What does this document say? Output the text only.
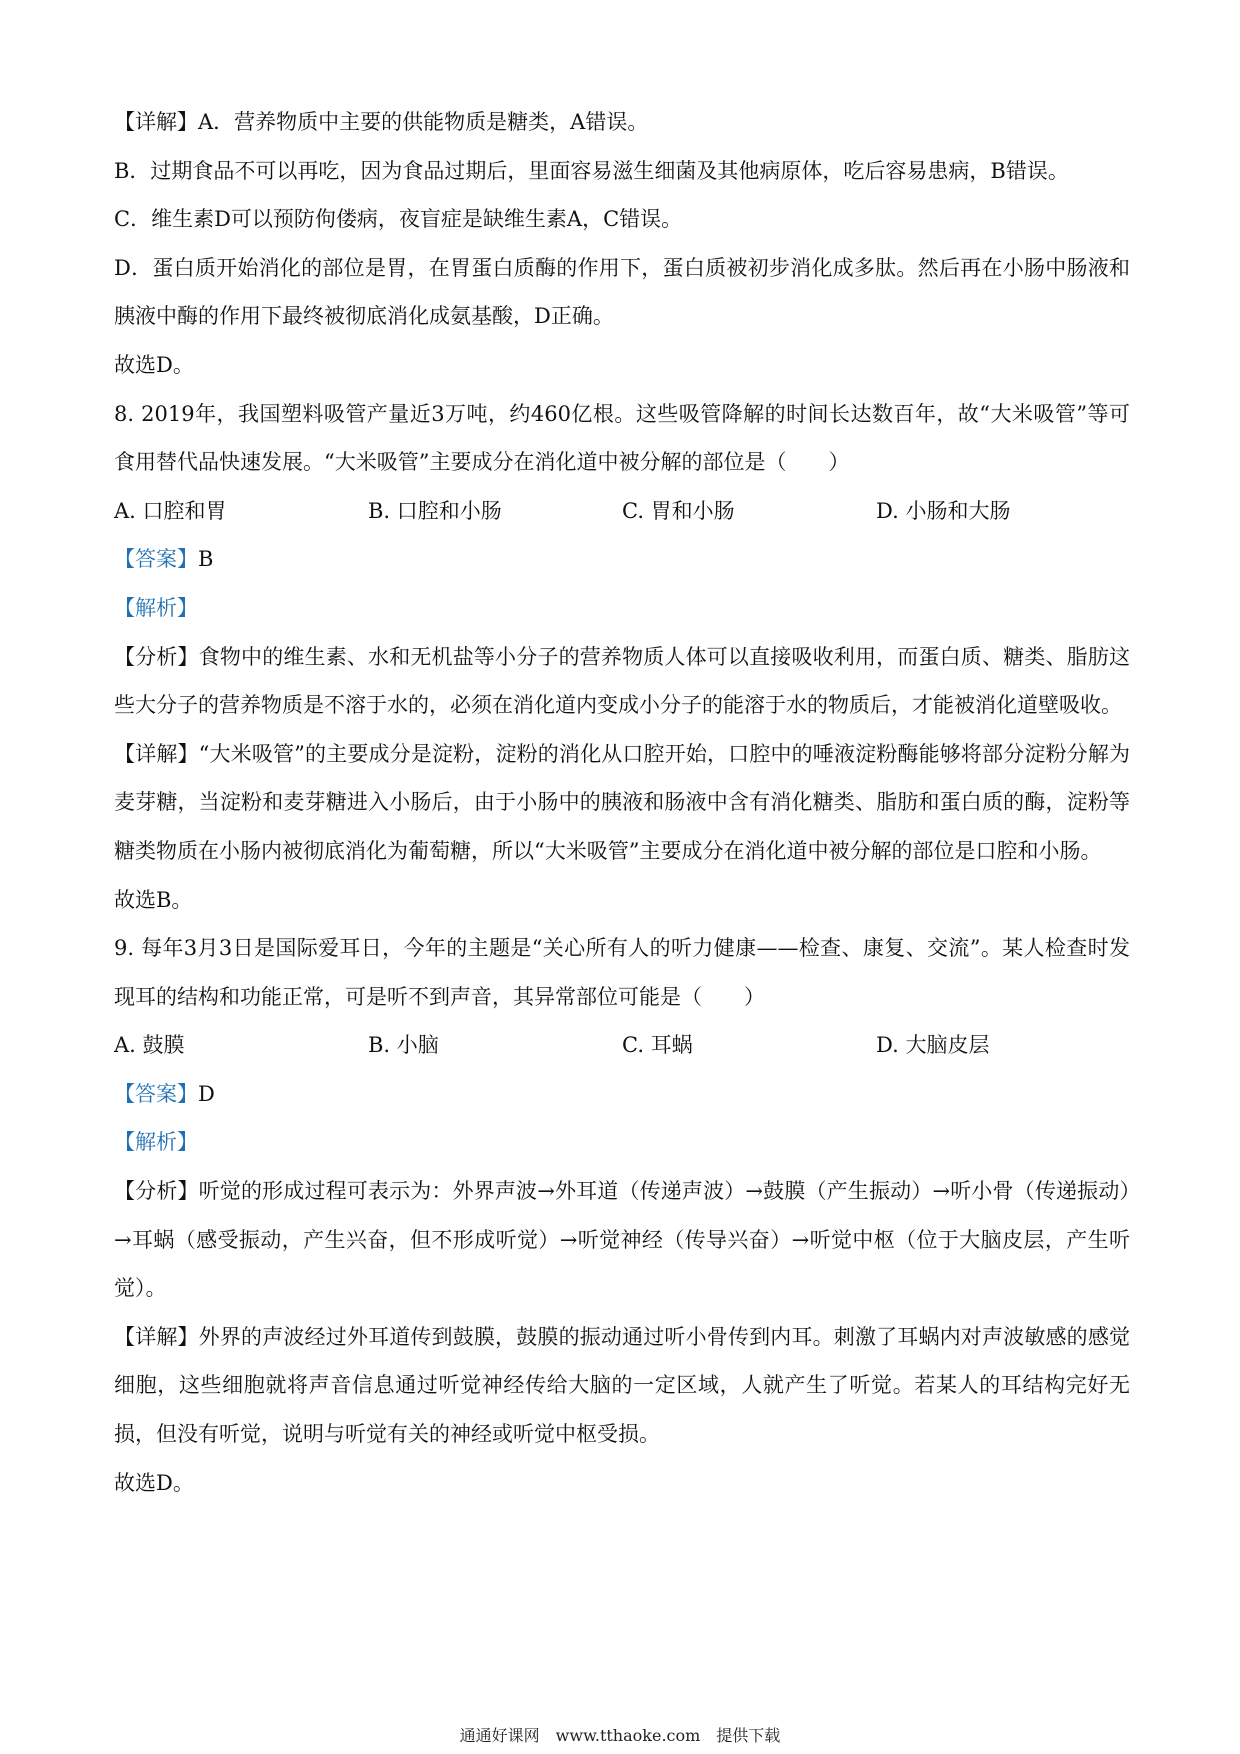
【详解】A．营养物质中主要的供能物质是糖类，A错误。
B．过期食品不可以再吃，因为食品过期后，里面容易滋生细菌及其他病原体，吃后容易患病，B错误。
C．维生素D可以预防佝偻病，夜盲症是缺维生素A，C错误。
D．蛋白质开始消化的部位是胃，在胃蛋白质酶的作用下，蛋白质被初步消化成多肽。然后再在小肠中肠液和胰液中酶的作用下最终被彻底消化成氨基酸，D正确。
故选D。
8. 2019年，我国塑料吸管产量近3万吨，约460亿根。这些吸管降解的时间长达数百年，故“大米吸管”等可食用替代品快速发展。“大米吸管”主要成分在消化道中被分解的部位是（　　）
A. 口腔和胃	B. 口腔和小肠	C. 胃和小肠	D. 小肠和大肠
【答案】B
【解析】
【分析】食物中的维生素、水和无机盐等小分子的营养物质人体可以直接吸收利用，而蛋白质、糖类、脂肪这些大分子的营养物质是不溶于水的，必须在消化道内变成小分子的能溶于水的物质后，才能被消化道壁吸收。
【详解】“大米吸管”的主要成分是淀粉，淀粉的消化从口腔开始，口腔中的唾液淀粉酶能够将部分淀粉分解为麦芽糖，当淀粉和麦芽糖进入小肠后，由于小肠中的胰液和肠液中含有消化糖类、脂肪和蛋白质的酶，淀粉等糖类物质在小肠内被彻底消化为葡萄糖，所以“大米吸管”主要成分在消化道中被分解的部位是口腔和小肠。
故选B。
9. 每年3月3日是国际爱耳日，今年的主题是“关心所有人的听力健康——检查、康复、交流”。某人检查时发现耳的结构和功能正常，可是听不到声音，其异常部位可能是（　　）
A. 鼓膜	B. 小脑	C. 耳蜗	D. 大脑皮层
【答案】D
【解析】
【分析】听觉的形成过程可表示为：外界声波→外耳道（传递声波）→鼓膜（产生振动）→听小骨（传递振动）→耳蜗（感受振动，产生兴奋，但不形成听觉）→听觉神经（传导兴奋）→听觉中枢（位于大脑皮层，产生听觉）。
【详解】外界的声波经过外耳道传到鼓膜，鼓膜的振动通过听小骨传到内耳。刺激了耳蜗内对声波敏感的感觉细胞，这些细胞就将声音信息通过听觉神经传给大脑的一定区域，人就产生了听觉。若某人的耳结构完好无损，但没有听觉，说明与听觉有关的神经或听觉中枢受损。
故选D。
通通好课网　www.tthaoke.com　提供下载
